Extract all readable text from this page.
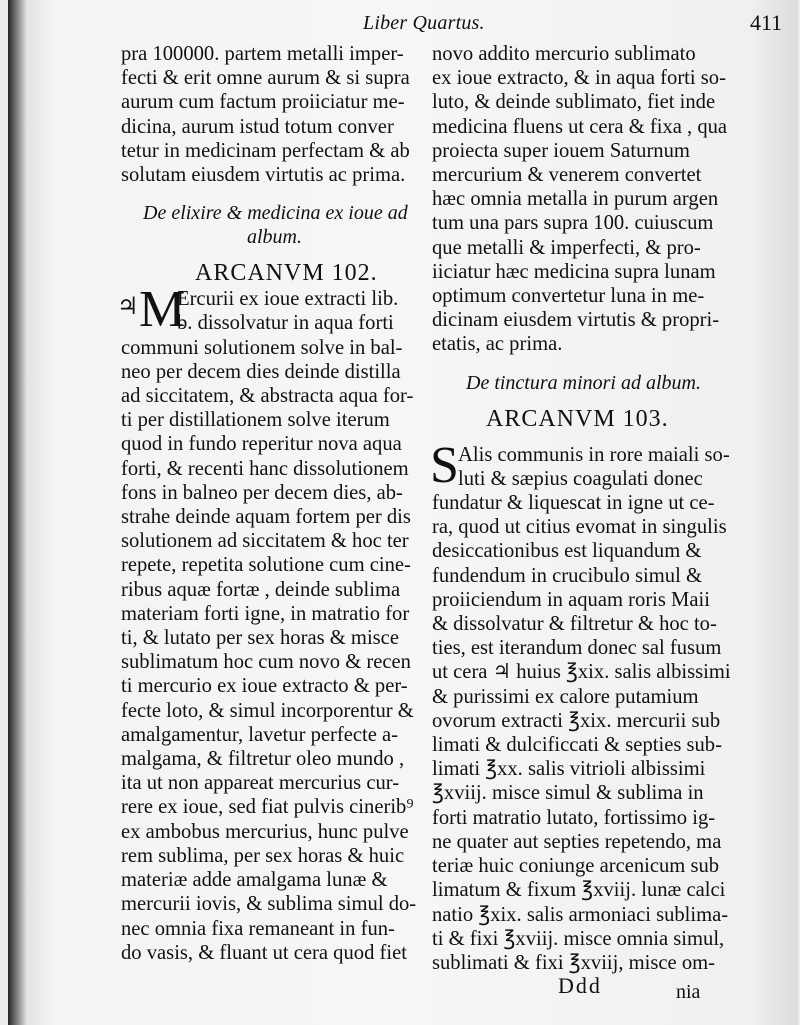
Liber Quartus.	411
pra 100000. partem metalli imper-
fecti & erit omne aurum & si supra
aurum cum factum proiiciatur me-
dicina, aurum istud totum conver
tetur in medicinam perfectam & ab
solutam eiusdem virtutis ac prima.
De elixire & medicina ex ioue ad
album.
ARCANVM 102.
♃ M
Ercurii ex ioue extracti lib.
b. dissolvatur in aqua forti
communi solutionem solve in bal-
neo per decem dies deinde distilla
ad siccitatem, & abstracta aqua for-
ti per distillationem solve iterum
quod in fundo reperitur nova aqua
forti, & recenti hanc dissolutionem
fons in balneo per decem dies, ab-
strahe deinde aquam fortem per dis
solutionem ad siccitatem & hoc ter
repete, repetita solutione cum cine-
ribus aquæ fortæ , deinde sublima
materiam forti igne, in matratio for
ti, & lutato per sex horas & misce
sublimatum hoc cum novo & recen
ti mercurio ex ioue extracto & per-
fecte loto, & simul incorporentur &
amalgamentur, lavetur perfecte a-
malgama, & filtretur oleo mundo ,
ita ut non appareat mercurius cur-
rere ex ioue, sed fiat pulvis cinerib⁹
ex ambobus mercurius, hunc pulve
rem sublima, per sex horas & huic
materiæ adde amalgama lunæ &
mercurii iovis, & sublima simul do-
nec omnia fixa remaneant in fun-
do vasis, & fluant ut cera quod fiet
novo addito mercurio sublimato
ex ioue extracto, & in aqua forti so-
luto, & deinde sublimato, fiet inde
medicina fluens ut cera & fixa , qua
proiecta super iouem Saturnum
mercurium & venerem convertet
hæc omnia metalla in purum argen
tum una pars supra 100. cuiuscum
que metalli & imperfecti, & pro-
iiciatur hæc medicina supra lunam
optimum convertetur luna in me-
dicinam eiusdem virtutis & propri-
etatis, ac prima.
De tinctura minori ad album.
ARCANVM 103.
S Alis communis in rore maiali so-
luti & sæpius coagulati donec
fundatur & liquescat in igne ut ce-
ra, quod ut citius evomat in singulis
desiccationibus est liquandum &
fundendum in crucibulo simul &
proiiciendum in aquam roris Maii
& dissolvatur & filtretur & hoc to-
ties, est iterandum donec sal fusum
ut cera ♃ huius ℥xix. salis albissimi
& purissimi ex calore putamium
ovorum extracti ℥xix. mercurii sub
limati & dulcificcati & septies sub-
limati ℥xx. salis vitrioli albissimi
℥xviij. misce simul & sublima in
forti matratio lutato, fortissimo ig-
ne quater aut septies repetendo, ma
teriæ huic coniunge arcenicum sub
limatum & fixum ℥xviij. lunæ calci
natio ℥xix. salis armoniaci sublima-
ti & fixi ℥xviij. misce omnia simul,
sublimati & fixi ℥xviij, misce om-
Ddd	nia
